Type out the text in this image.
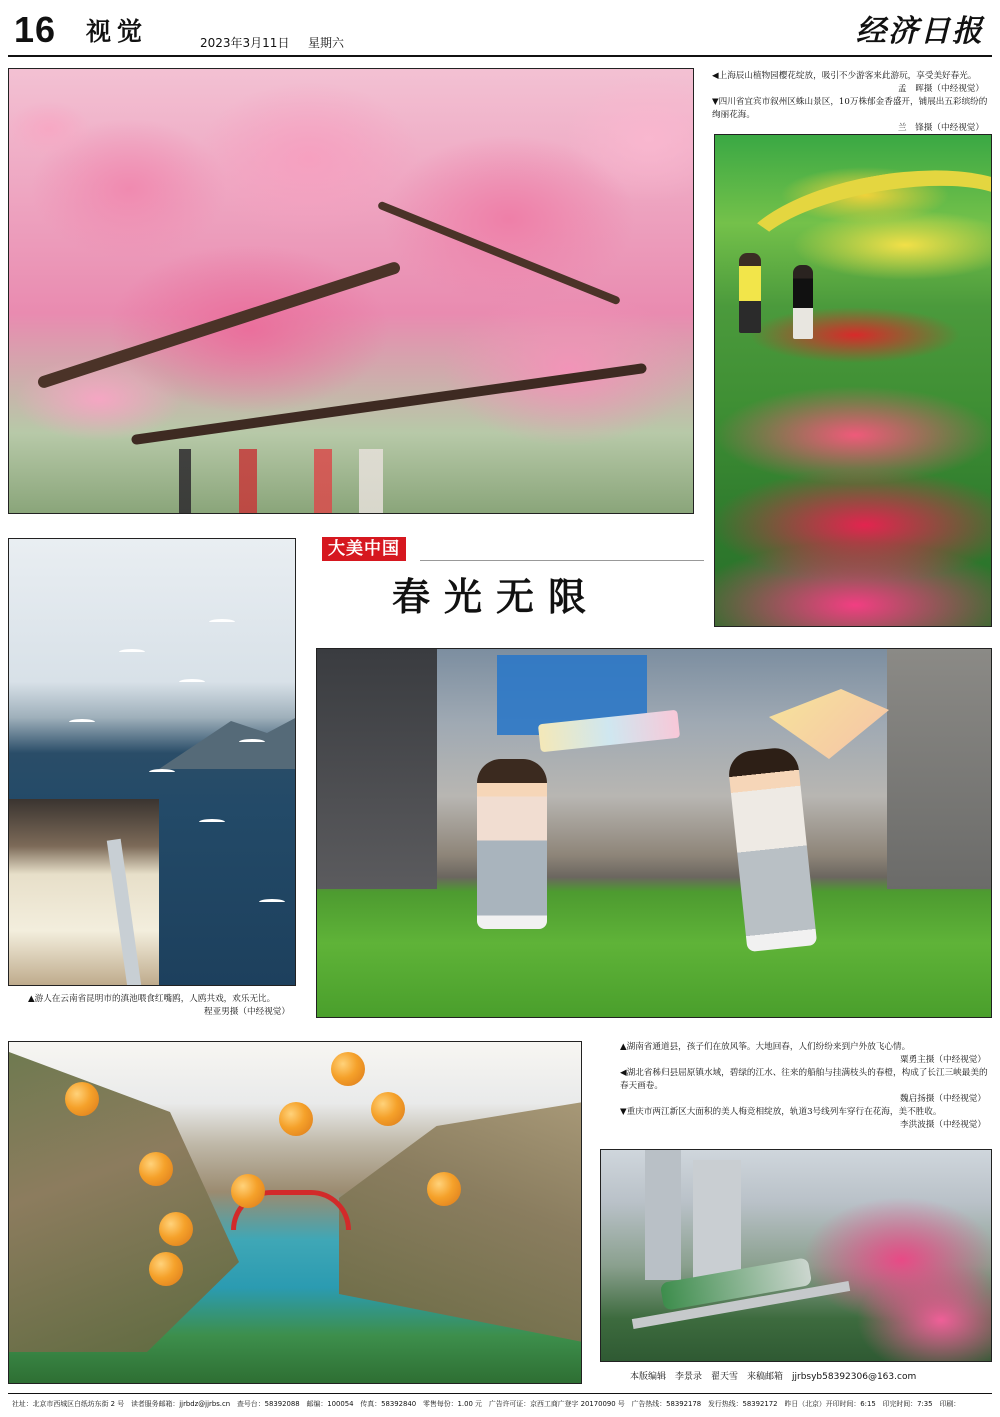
16 视觉	2023年3月11日 星期六	经济日报

◀上海辰山植物园樱花绽放，吸引不少游客来此游玩，享受美好春光。
孟　晖摄（中经视觉）

▼四川省宜宾市叙州区蛛山景区，10万株郁金香盛开，铺展出五彩缤纷的绚丽花海。
兰　锋摄（中经视觉）

大美中国
春光无限
▲游人在云南省昆明市的滇池喂食红嘴鸥，人鸥共戏，欢乐无比。
程亚男摄（中经视觉）

▲湖南省通道县，孩子们在放风筝。大地回春，人们纷纷来到户外放飞心情。
粟勇主摄（中经视觉）

◀湖北省秭归县屈原镇水域，碧绿的江水、往来的船舶与挂满枝头的春橙，构成了长江三峡最美的春天画卷。
魏启扬摄（中经视觉）

▼重庆市两江新区大面积的美人梅竞相绽放，轨道3号线列车穿行在花海，美不胜收。
李洪波摄（中经视觉）

本版编辑　李景录　翟天雪　来稿邮箱　jjrbsyb58392306@163.com
社址：北京市西城区白纸坊东街 2 号　读者服务邮箱：jjrbdz@jjrbs.cn　查号台：58392088　邮编：100054　传真：58392840　零售每份：1.00 元　广告许可证：京西工商广登字 20170090 号　广告热线：58392178　发行热线：58392172　昨日（北京）开印时间：6:15　印完时间：7:35　印刷：
